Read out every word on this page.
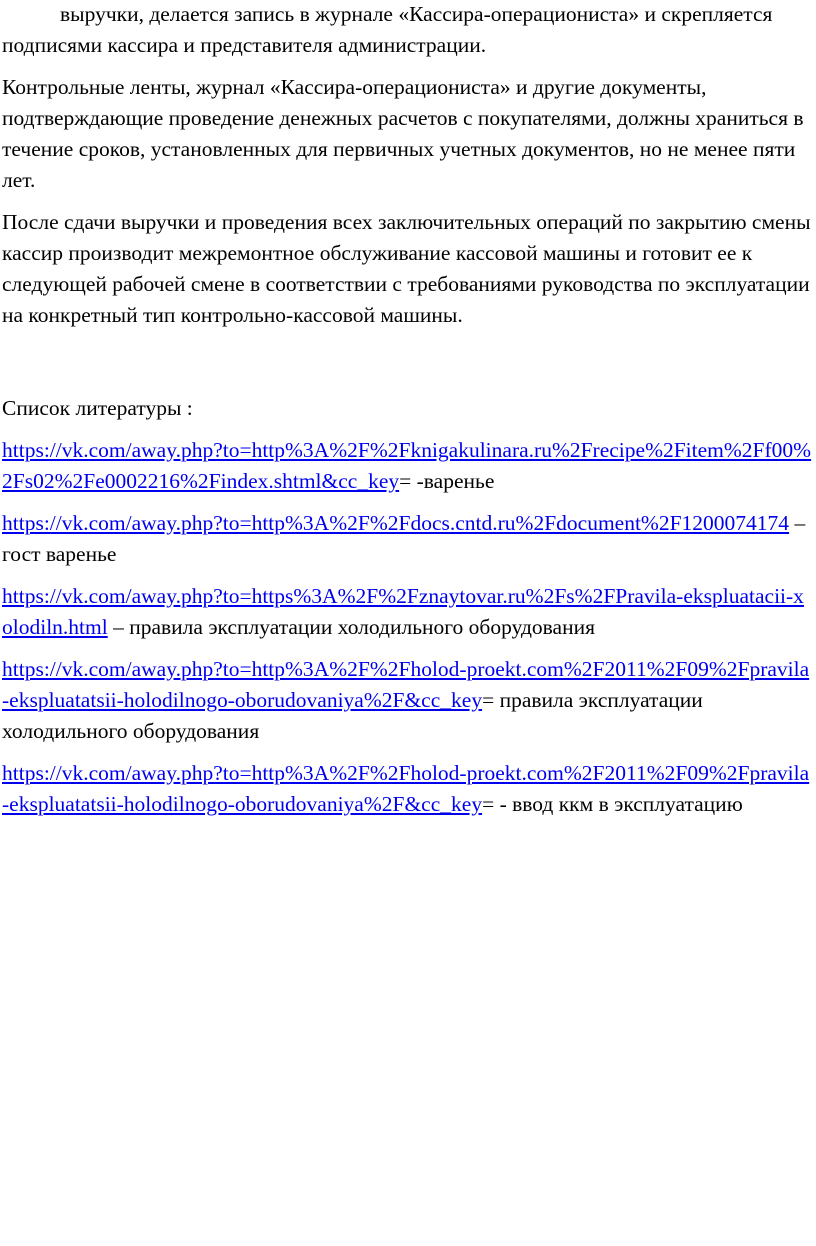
выручки, делается запись в журнале «Кассира-операциониста» и скрепляется подписями кассира и представителя администрации.

Контрольные ленты, журнал «Кассира-операциониста» и другие документы, подтверждающие проведение денежных расчетов с покупателями, должны храниться в течение сроков, установленных для первичных учетных документов, но не менее пяти лет.

После сдачи выручки и проведения всех заключительных операций по закрытию смены кассир производит межремонтное обслуживание кассовой машины и готовит ее к следующей рабочей смене в соответствии с требованиями руководства по эксплуатации на конкретный тип контрольно-кассовой машины.

Список литературы :

https://vk.com/away.php?to=http%3A%2F%2Fknigakulinara.ru%2Frecipe%2Fitem%2Ff00%2Fs02%2Fe0002216%2Findex.shtml&cc_key= -варенье

https://vk.com/away.php?to=http%3A%2F%2Fdocs.cntd.ru%2Fdocument%2F1200074174 – гост варенье

https://vk.com/away.php?to=https%3A%2F%2Fznaytovar.ru%2Fs%2FPravila-ekspluatacii-xolodiln.html – правила эксплуатации холодильного оборудования

https://vk.com/away.php?to=http%3A%2F%2Fholod-proekt.com%2F2011%2F09%2Fpravila-ekspluatatsii-holodilnogo-oborudovaniya%2F&cc_key= правила эксплуатации холодильного оборудования

https://vk.com/away.php?to=http%3A%2F%2Fholod-proekt.com%2F2011%2F09%2Fpravila-ekspluatatsii-holodilnogo-oborudovaniya%2F&cc_key= - ввод ккм в эксплуатацию
